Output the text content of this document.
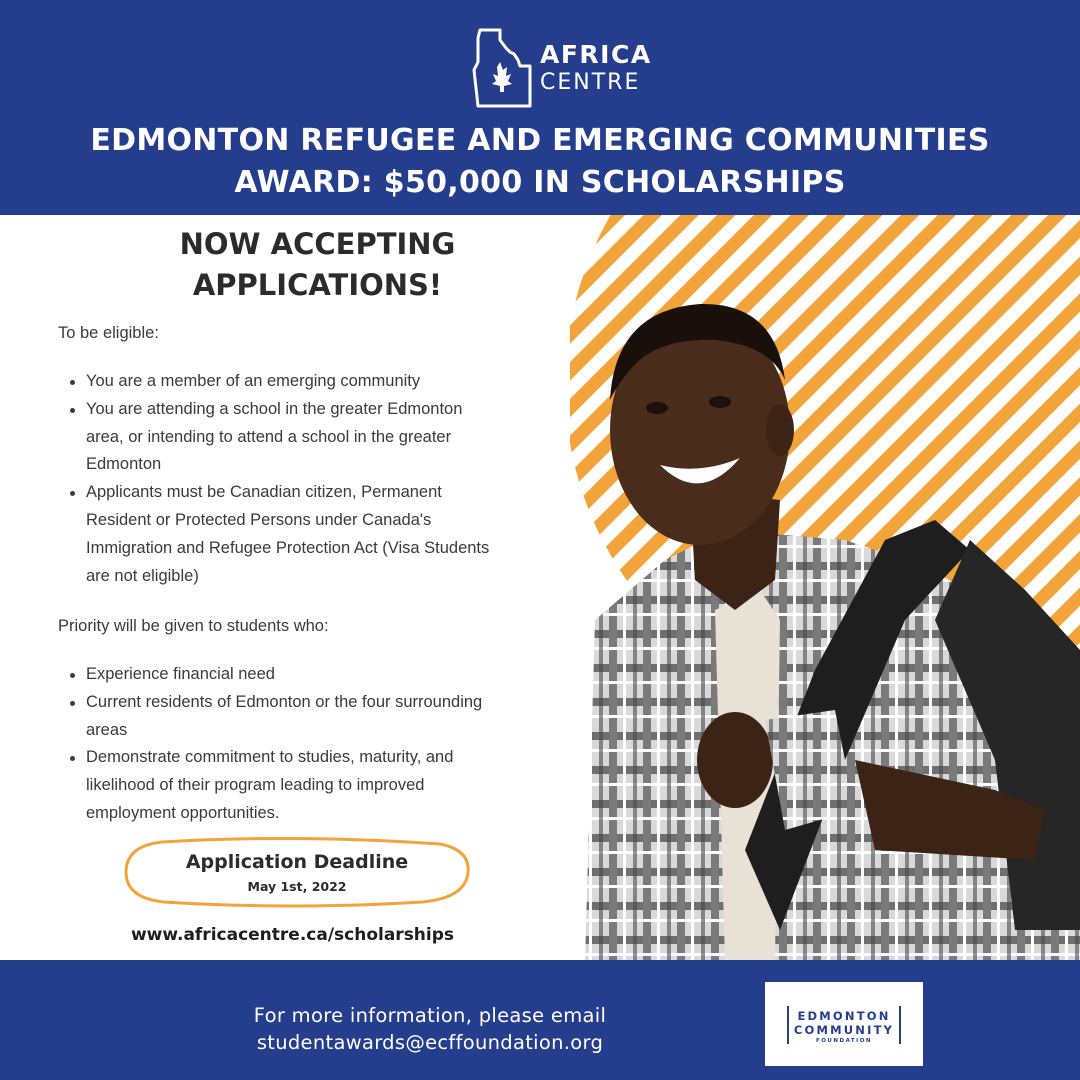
AFRICA
CENTRE
EDMONTON REFUGEE AND EMERGING COMMUNITIES
AWARD: $50,000 IN SCHOLARSHIPS
NOW ACCEPTING
APPLICATIONS!
To be eligible:
You are a member of an emerging community
You are attending a school in the greater Edmonton
area, or intending to attend a school in the greater
Edmonton
Applicants must be Canadian citizen, Permanent
Resident or Protected Persons under Canada's
Immigration and Refugee Protection Act (Visa Students
are not eligible)
Priority will be given to students who:
Experience financial need
Current residents of Edmonton or the four surrounding
areas
Demonstrate commitment to studies, maturity, and
likelihood of their program leading to improved
employment opportunities.
Application Deadline
May 1st, 2022
www.africacentre.ca/scholarships
For more information, please email
studentawards@ecffoundation.org
EDMONTON
COMMUNITY
FOUNDATION
